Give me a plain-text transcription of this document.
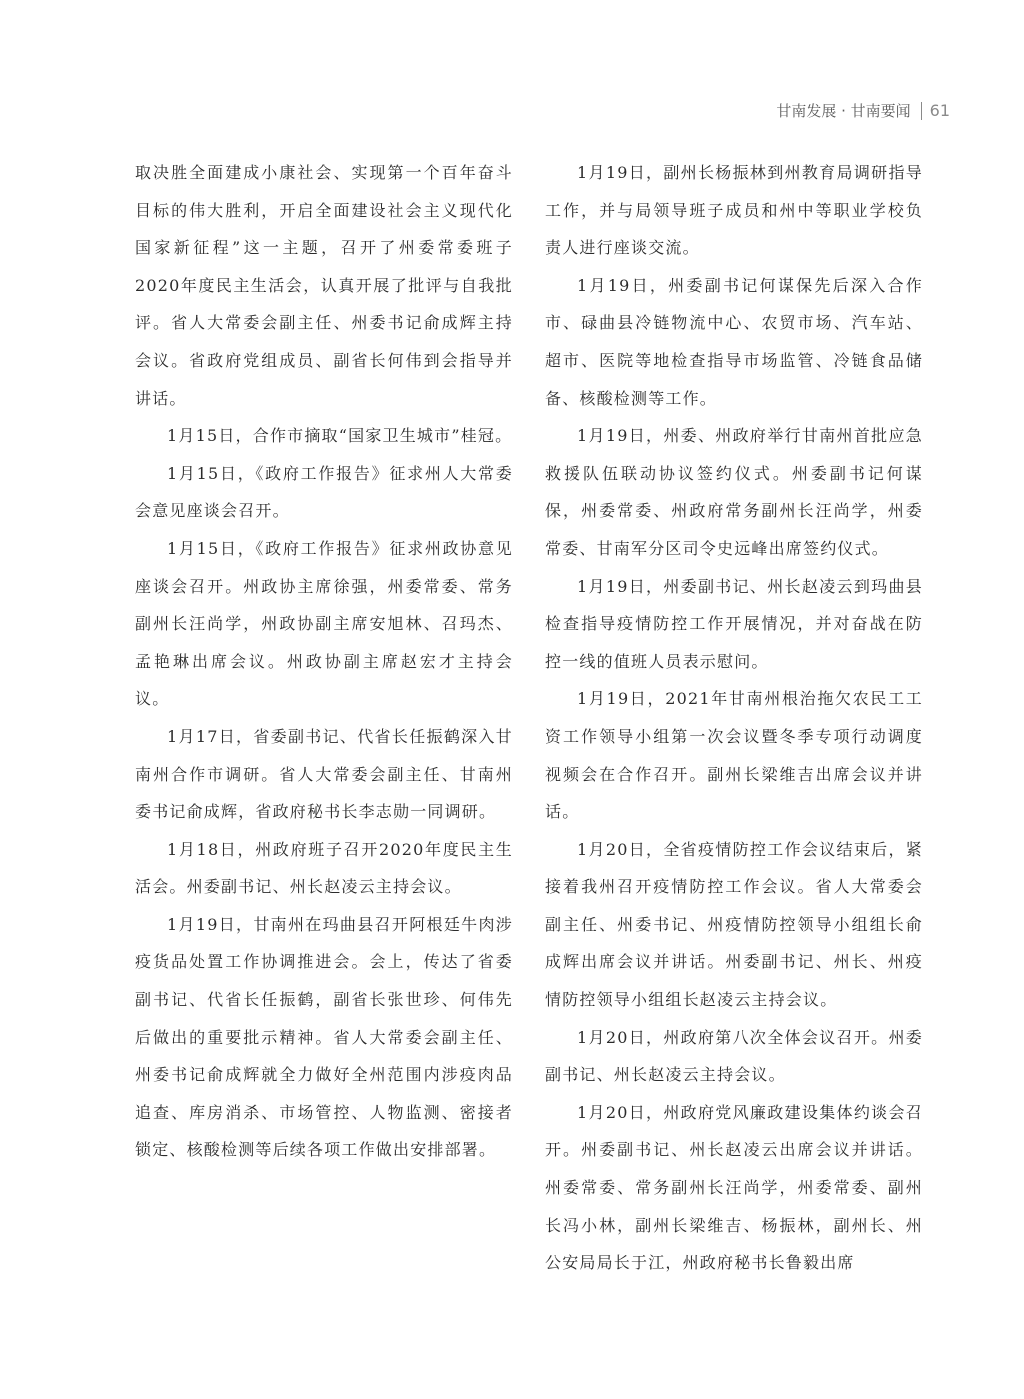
甘南发展 · 甘南要闻 61

取决胜全面建成小康社会、实现第一个百年奋斗目标的伟大胜利，开启全面建设社会主义现代化国家新征程”这一主题，召开了州委常委班子2020年度民主生活会，认真开展了批评与自我批评。省人大常委会副主任、州委书记俞成辉主持会议。省政府党组成员、副省长何伟到会指导并讲话。

1月15日，合作市摘取“国家卫生城市”桂冠。

1月15日，《政府工作报告》征求州人大常委会意见座谈会召开。

1月15日，《政府工作报告》征求州政协意见座谈会召开。州政协主席徐强，州委常委、常务副州长汪尚学，州政协副主席安旭林、召玛杰、孟艳琳出席会议。州政协副主席赵宏才主持会议。

1月17日，省委副书记、代省长任振鹤深入甘南州合作市调研。省人大常委会副主任、甘南州委书记俞成辉，省政府秘书长李志勋一同调研。

1月18日，州政府班子召开2020年度民主生活会。州委副书记、州长赵凌云主持会议。

1月19日，甘南州在玛曲县召开阿根廷牛肉涉疫货品处置工作协调推进会。会上，传达了省委副书记、代省长任振鹤，副省长张世珍、何伟先后做出的重要批示精神。省人大常委会副主任、州委书记俞成辉就全力做好全州范围内涉疫肉品追查、库房消杀、市场管控、人物监测、密接者锁定、核酸检测等后续各项工作做出安排部署。

1月19日，副州长杨振林到州教育局调研指导工作，并与局领导班子成员和州中等职业学校负责人进行座谈交流。

1月19日，州委副书记何谋保先后深入合作市、碌曲县冷链物流中心、农贸市场、汽车站、超市、医院等地检查指导市场监管、冷链食品储备、核酸检测等工作。

1月19日，州委、州政府举行甘南州首批应急救援队伍联动协议签约仪式。州委副书记何谋保，州委常委、州政府常务副州长汪尚学，州委常委、甘南军分区司令史远峰出席签约仪式。

1月19日，州委副书记、州长赵凌云到玛曲县检查指导疫情防控工作开展情况，并对奋战在防控一线的值班人员表示慰问。

1月19日，2021年甘南州根治拖欠农民工工资工作领导小组第一次会议暨冬季专项行动调度视频会在合作召开。副州长梁维吉出席会议并讲话。

1月20日，全省疫情防控工作会议结束后，紧接着我州召开疫情防控工作会议。省人大常委会副主任、州委书记、州疫情防控领导小组组长俞成辉出席会议并讲话。州委副书记、州长、州疫情防控领导小组组长赵凌云主持会议。

1月20日，州政府第八次全体会议召开。州委副书记、州长赵凌云主持会议。

1月20日，州政府党风廉政建设集体约谈会召开。州委副书记、州长赵凌云出席会议并讲话。州委常委、常务副州长汪尚学，州委常委、副州长冯小林，副州长梁维吉、杨振林，副州长、州公安局局长于江，州政府秘书长鲁毅出席
